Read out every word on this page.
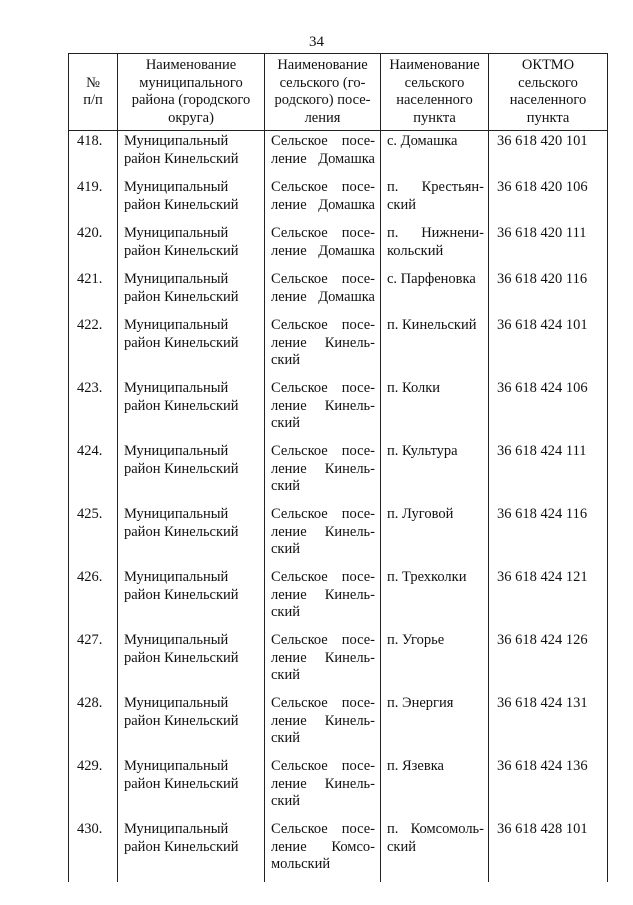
34
№
п/п	Наименование
муниципального
района (городского
округа)	Наименование
сельского (го-
родского) посе-
ления	Наименование
сельского
населенного
пункта	ОКТМО
сельского
населенного
пункта

418.	Муниципальный
район Кинельский	Сельское посе-
ление Домашка	с. Домашка	36 618 420 101
419.	Муниципальный
район Кинельский	Сельское посе-
ление Домашка	п. Крестьян-
ский	36 618 420 106
420.	Муниципальный
район Кинельский	Сельское посе-
ление Домашка	п. Нижнени-
кольский	36 618 420 111
421.	Муниципальный
район Кинельский	Сельское посе-
ление Домашка	с. Парфеновка	36 618 420 116
422.	Муниципальный
район Кинельский	Сельское посе-
ление Кинель-
ский	п. Кинельский	36 618 424 101
423.	Муниципальный
район Кинельский	Сельское посе-
ление Кинель-
ский	п. Колки	36 618 424 106
424.	Муниципальный
район Кинельский	Сельское посе-
ление Кинель-
ский	п. Культура	36 618 424 111
425.	Муниципальный
район Кинельский	Сельское посе-
ление Кинель-
ский	п. Луговой	36 618 424 116
426.	Муниципальный
район Кинельский	Сельское посе-
ление Кинель-
ский	п. Трехколки	36 618 424 121
427.	Муниципальный
район Кинельский	Сельское посе-
ление Кинель-
ский	п. Угорье	36 618 424 126
428.	Муниципальный
район Кинельский	Сельское посе-
ление Кинель-
ский	п. Энергия	36 618 424 131
429.	Муниципальный
район Кинельский	Сельское посе-
ление Кинель-
ский	п. Язевка	36 618 424 136
430.	Муниципальный
район Кинельский	Сельское посе-
ление Комсо-
мольский	п. Комсомоль-
ский	36 618 428 101
